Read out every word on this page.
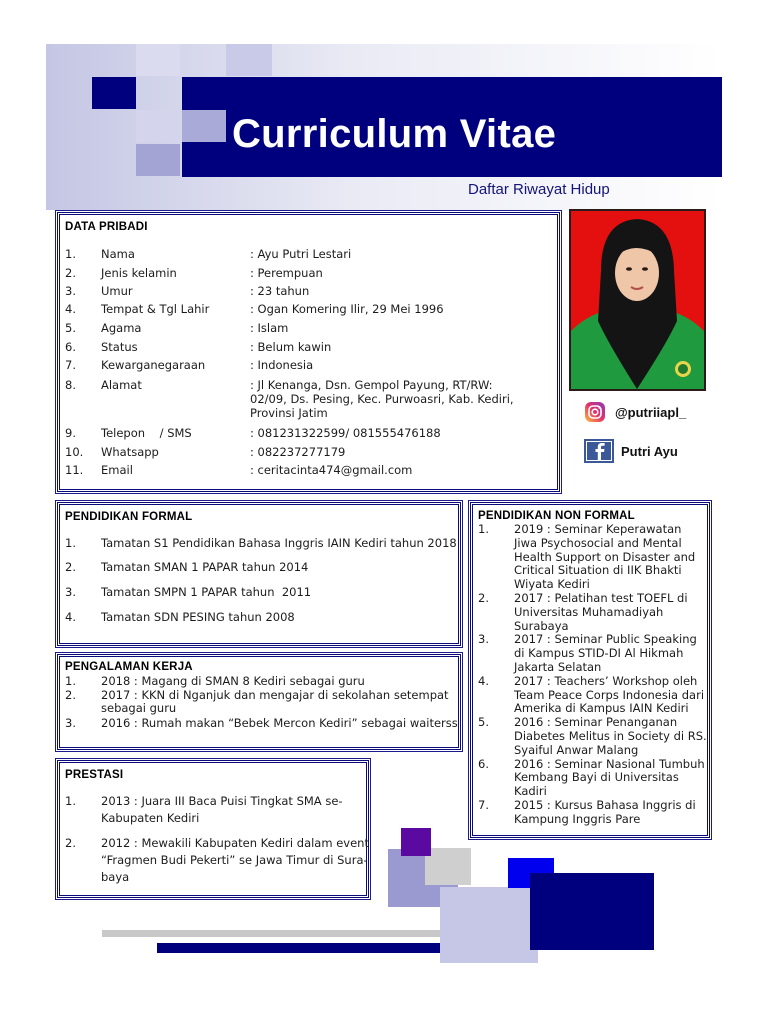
Curriculum Vitae
Daftar Riwayat Hidup
DATA PRIBADI
1. Nama	: Ayu Putri Lestari
2. Jenis kelamin	: Perempuan
3. Umur	: 23 tahun
4. Tempat & Tgl Lahir	: Ogan Komering Ilir, 29 Mei 1996
5. Agama	: Islam
6. Status	: Belum kawin
7. Kewarganegaraan	: Indonesia
8. Alamat	: Jl Kenanga, Dsn. Gempol Payung, RT/RW:
02/09, Ds. Pesing, Kec. Purwoasri, Kab. Kediri,
Provinsi Jatim
9. Telepon    / SMS	: 081231322599/ 081555476188
10. Whatsapp	: 082237277179
11. Email	: ceritacinta474@gmail.com
@putriiapl_
Putri Ayu
PENDIDIKAN FORMAL
1. Tamatan S1 Pendidikan Bahasa Inggris IAIN Kediri tahun 2018
2. Tamatan SMAN 1 PAPAR tahun 2014
3. Tamatan SMPN 1 PAPAR tahun  2011
4. Tamatan SDN PESING tahun 2008
PENGALAMAN KERJA
1. 2018 : Magang di SMAN 8 Kediri sebagai guru
2. 2017 : KKN di Nganjuk dan mengajar di sekolahan setempat
sebagai guru
3. 2016 : Rumah makan “Bebek Mercon Kediri” sebagai waiterss
PRESTASI
1. 2013 : Juara III Baca Puisi Tingkat SMA se-
Kabupaten Kediri
2. 2012 : Mewakili Kabupaten Kediri dalam event
“Fragmen Budi Pekerti” se Jawa Timur di Sura-
baya
PENDIDIKAN NON FORMAL
1. 2019 : Seminar Keperawatan
Jiwa Psychosocial and Mental
Health Support on Disaster and
Critical Situation di IIK Bhakti
Wiyata Kediri
2. 2017 : Pelatihan test TOEFL di
Universitas Muhamadiyah
Surabaya
3. 2017 : Seminar Public Speaking
di Kampus STID-DI Al Hikmah
Jakarta Selatan
4. 2017 : Teachers’ Workshop oleh
Team Peace Corps Indonesia dari
Amerika di Kampus IAIN Kediri
5. 2016 : Seminar Penanganan
Diabetes Melitus in Society di RS.
Syaiful Anwar Malang
6. 2016 : Seminar Nasional Tumbuh
Kembang Bayi di Universitas
Kadiri
7. 2015 : Kursus Bahasa Inggris di
Kampung Inggris Pare
